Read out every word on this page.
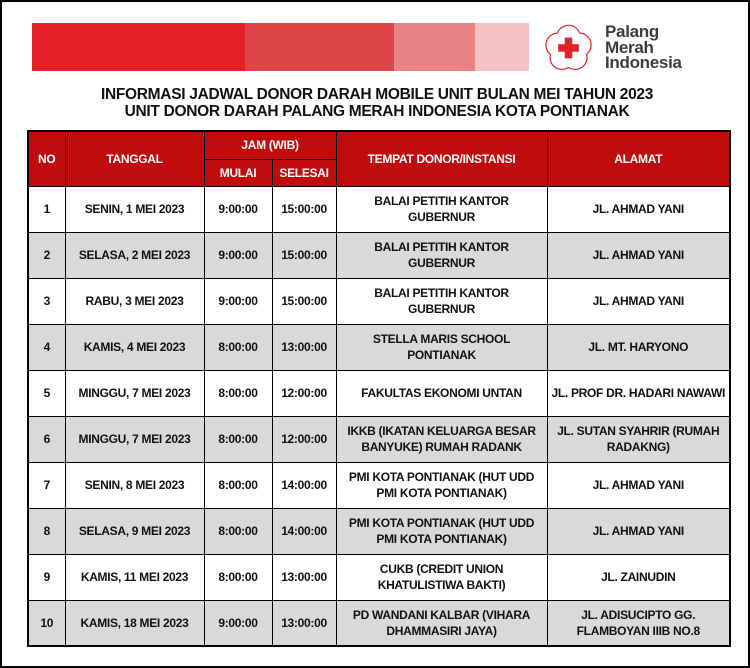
Palang
Merah
Indonesia
INFORMASI JADWAL DONOR DARAH MOBILE UNIT BULAN MEI TAHUN 2023
UNIT DONOR DARAH PALANG MERAH INDONESIA KOTA PONTIANAK
NO	TANGGAL	JAM (WIB)		TEMPAT DONOR/INSTANSI	ALAMAT
		MULAI	SELESAI		
1	SENIN, 1 MEI 2023	9:00:00	15:00:00	BALAI PETITIH KANTOR GUBERNUR	JL. AHMAD YANI
2	SELASA, 2 MEI 2023	9:00:00	15:00:00	BALAI PETITIH KANTOR GUBERNUR	JL. AHMAD YANI
3	RABU, 3 MEI 2023	9:00:00	15:00:00	BALAI PETITIH KANTOR GUBERNUR	JL. AHMAD YANI
4	KAMIS, 4 MEI 2023	8:00:00	13:00:00	STELLA MARIS SCHOOL PONTIANAK	JL. MT. HARYONO
5	MINGGU, 7 MEI 2023	8:00:00	12:00:00	FAKULTAS EKONOMI UNTAN	JL. PROF DR. HADARI NAWAWI
6	MINGGU, 7 MEI 2023	8:00:00	12:00:00	IKKB (IKATAN KELUARGA BESAR BANYUKE) RUMAH RADANK	JL. SUTAN SYAHRIR (RUMAH RADAKNG)
7	SENIN, 8 MEI 2023	8:00:00	14:00:00	PMI KOTA PONTIANAK (HUT UDD PMI KOTA PONTIANAK)	JL. AHMAD YANI
8	SELASA, 9 MEI 2023	8:00:00	14:00:00	PMI KOTA PONTIANAK (HUT UDD PMI KOTA PONTIANAK)	JL. AHMAD YANI
9	KAMIS, 11 MEI 2023	8:00:00	13:00:00	CUKB (CREDIT UNION KHATULISTIWA BAKTI)	JL. ZAINUDIN
10	KAMIS, 18 MEI 2023	9:00:00	13:00:00	PD WANDANI KALBAR (VIHARA DHAMMASIRI JAYA)	JL. ADISUCIPTO GG. FLAMBOYAN IIIB NO.8
